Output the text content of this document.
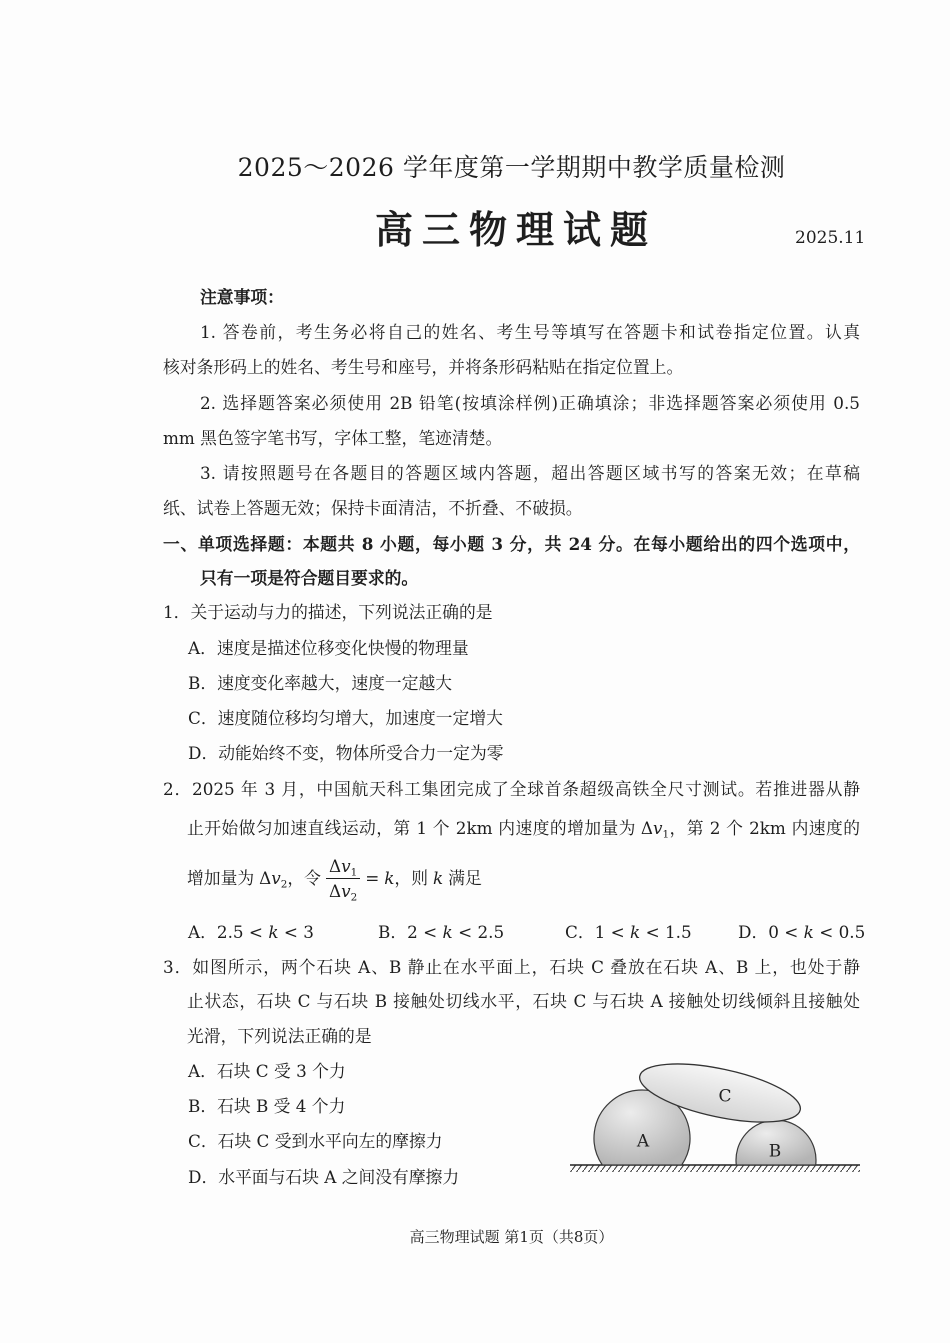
2025～2026 学年度第一学期期中教学质量检测
高三物理试题	2025.11
注意事项：
1. 答卷前，考生务必将自己的姓名、考生号等填写在答题卡和试卷指定位置。认真
核对条形码上的姓名、考生号和座号，并将条形码粘贴在指定位置上。
2. 选择题答案必须使用 2B 铅笔(按填涂样例)正确填涂；非选择题答案必须使用 0.5
mm 黑色签字笔书写，字体工整，笔迹清楚。
3. 请按照题号在各题目的答题区域内答题，超出答题区域书写的答案无效；在草稿
纸、试卷上答题无效；保持卡面清洁，不折叠、不破损。
一、单项选择题：本题共 8 小题，每小题 3 分，共 24 分。在每小题给出的四个选项中，
只有一项是符合题目要求的。
1．关于运动与力的描述，下列说法正确的是
A．速度是描述位移变化快慢的物理量
B．速度变化率越大，速度一定越大
C．速度随位移均匀增大，加速度一定增大
D．动能始终不变，物体所受合力一定为零
2．2025 年 3 月，中国航天科工集团完成了全球首条超级高铁全尺寸测试。若推进器从静
止开始做匀加速直线运动，第 1 个 2km 内速度的增加量为 $\Delta v_1$，第 2 个 2km 内速度的
增加量为 $\Delta v_2$ ，令 $\frac{\Delta v_1}{\Delta v_2} = k$ ，则 k 满足
A．2.5 < k < 3	B．2 < k < 2.5	C．1 < k < 1.5	D．0 < k < 0.5
3．如图所示，两个石块 A、B 静止在水平面上，石块 C 叠放在石块 A、B 上，也处于静
止状态，石块 C 与石块 B 接触处切线水平，石块 C 与石块 A 接触处切线倾斜且接触处
光滑，下列说法正确的是
A．石块 C 受 3 个力
B．石块 B 受 4 个力
C．石块 C 受到水平向左的摩擦力
D．水平面与石块 A 之间没有摩擦力
A	B
C
高三物理试题 第1页（共8页）
